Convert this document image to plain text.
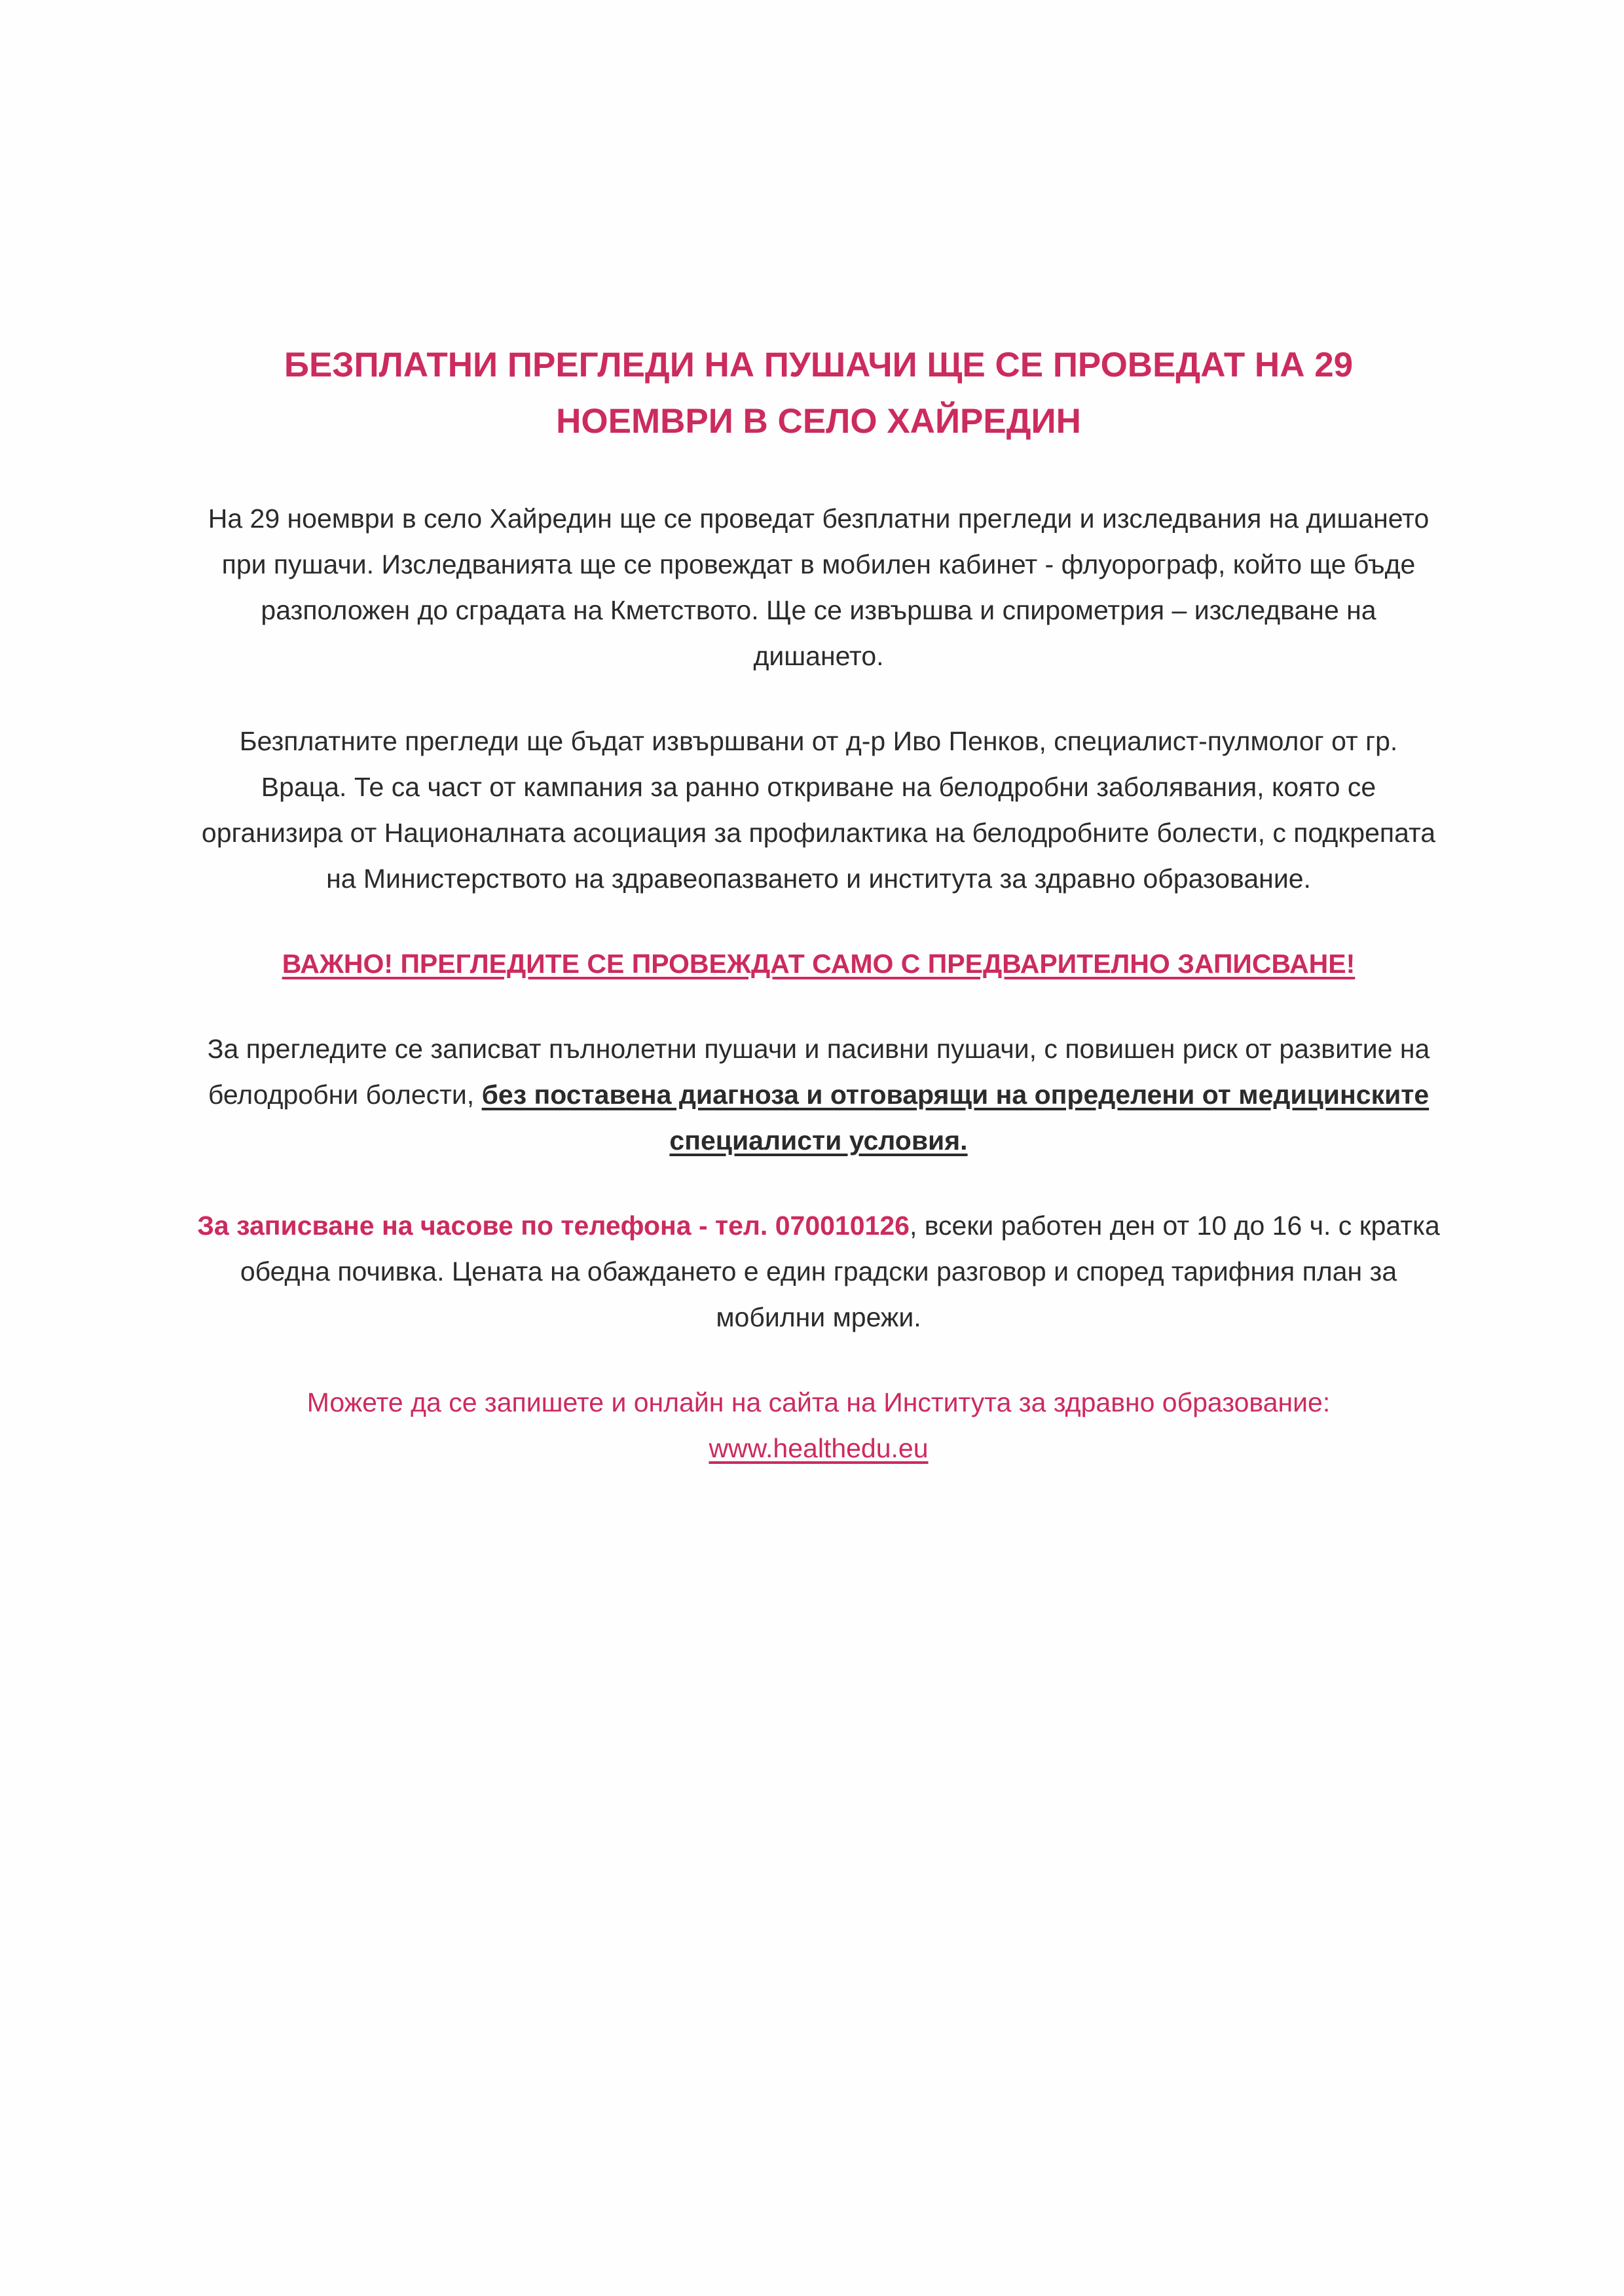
БЕЗПЛАТНИ ПРЕГЛЕДИ НА ПУШАЧИ ЩЕ СЕ ПРОВЕДАТ НА 29 НОЕМВРИ В СЕЛО ХАЙРЕДИН

На 29 ноември в село Хайредин ще се проведат безплатни прегледи и изследвания на дишането при пушачи. Изследванията ще се провеждат в мобилен кабинет - флуорограф, който ще бъде разположен до сградата на Кметството. Ще се извършва и спирометрия – изследване на дишането.

Безплатните прегледи ще бъдат извършвани от д-р Иво Пенков, специалист-пулмолог от гр. Враца. Те са част от кампания за ранно откриване на белодробни заболявания, която се организира от Националната асоциация за профилактика на белодробните болести, с подкрепата на Министерството на здравеопазването и института за здравно образование.

ВАЖНО! ПРЕГЛЕДИТЕ СЕ ПРОВЕЖДАТ САМО С ПРЕДВАРИТЕЛНО ЗАПИСВАНЕ!

За прегледите се записват пълнолетни пушачи и пасивни пушачи, с повишен риск от развитие на белодробни болести, без поставена диагноза и отговарящи на определени от медицинските специалисти условия.

За записване на часове по телефона - тел. 070010126, всеки работен ден от 10 до 16 ч. с кратка обедна почивка. Цената на обаждането е един градски разговор и според тарифния план за мобилни мрежи.

Можете да се запишете и онлайн на сайта на Института за здравно образование:
www.healthedu.eu
